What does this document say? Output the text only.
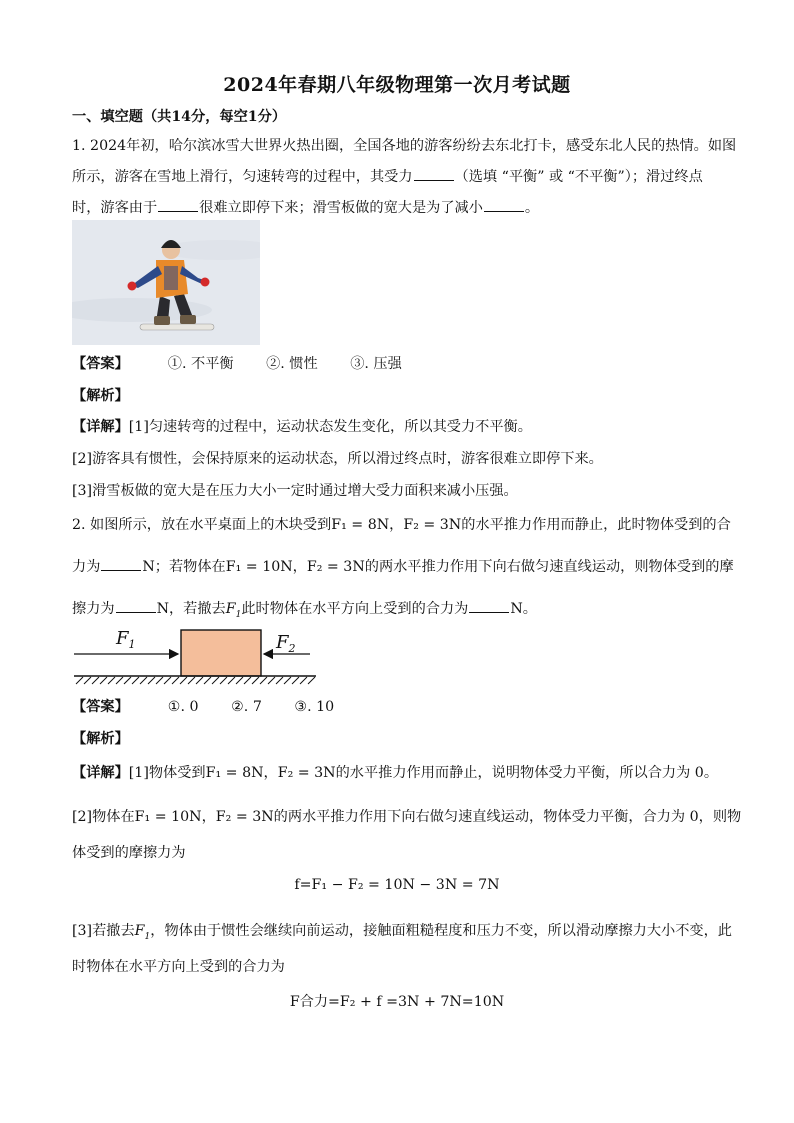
2024年春期八年级物理第一次月考试题
一、填空题（共14分，每空1分）
1. 2024年初，哈尔滨冰雪大世界火热出圈，全国各地的游客纷纷去东北打卡，感受东北人民的热情。如图
所示，游客在雪地上滑行，匀速转弯的过程中，其受力	（选填 “平衡” 或 “不平衡”）；滑过终点
时，游客由于	很难立即停下来；滑雪板做的宽大是为了减小	。
【答案】	①. 不平衡 ②. 惯性 ③. 压强
【解析】
【详解】[1]匀速转弯的过程中，运动状态发生变化，所以其受力不平衡。
[2]游客具有惯性，会保持原来的运动状态，所以滑过终点时，游客很难立即停下来。
[3]滑雪板做的宽大是在压力大小一定时通过增大受力面积来减小压强。
2. 如图所示，放在水平桌面上的木块受到F₁ = 8N，F₂ = 3N的水平推力作用而静止，此时物体受到的合
力为	N；若物体在F₁ = 10N，F₂ = 3N的两水平推力作用下向右做匀速直线运动，则物体受到的摩
擦力为	N，若撤去$F_1$此时物体在水平方向上受到的合力为	N。
$F_1$	$F_2$
【答案】	①. 0 ②. 7 ③. 10
【解析】
【详解】[1]物体受到F₁ = 8N，F₂ = 3N的水平推力作用而静止，说明物体受力平衡，所以合力为 0。
[2]物体在F₁ = 10N，F₂ = 3N的两水平推力作用下向右做匀速直线运动，物体受力平衡，合力为 0，则物
体受到的摩擦力为
f=F₁ − F₂ = 10N − 3N = 7N
[3]若撤去$F_1$，物体由于惯性会继续向前运动，接触面粗糙程度和压力不变，所以滑动摩擦力大小不变，此
时物体在水平方向上受到的合力为
F合力=F₂ + f =3N + 7N=10N
